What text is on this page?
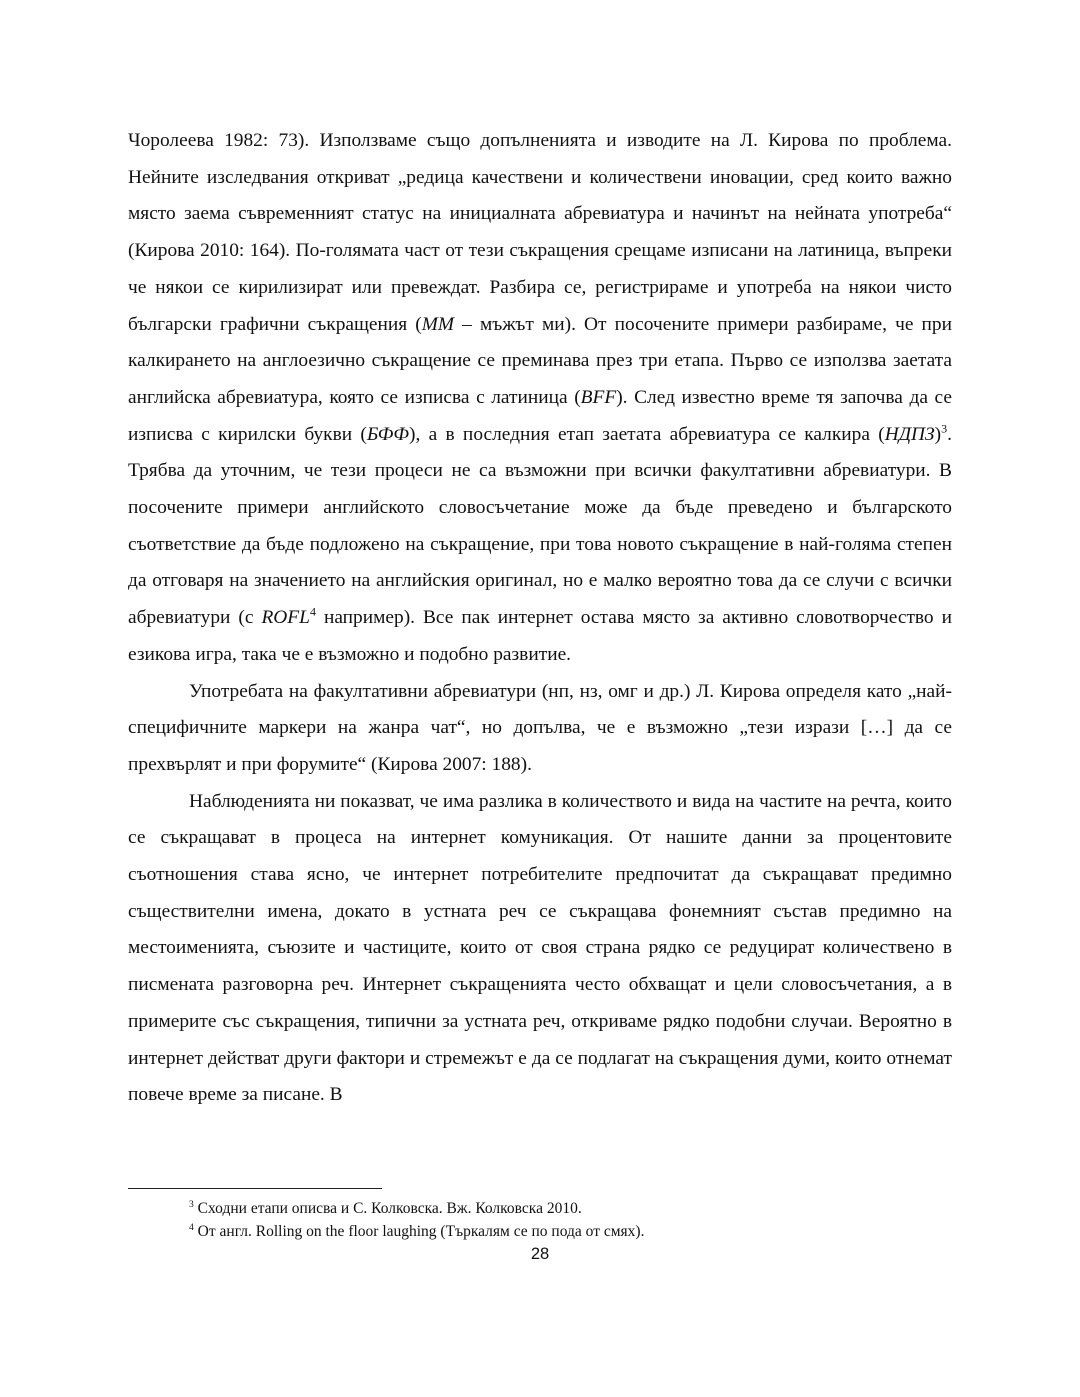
Чоролеева 1982: 73). Използваме също допълненията и изводите на Л. Кирова по проблема. Нейните изследвания откриват „редица качествени и количествени иновации, сред които важно място заема съвременният статус на инициалната абревиатура и начинът на нейната употреба“ (Кирова 2010: 164). По-голямата част от тези съкращения срещаме изписани на латиница, въпреки че някои се кирилизират или превеждат. Разбира се, регистрираме и употреба на някои чисто български графични съкращения (ММ – мъжът ми). От посочените примери разбираме, че при калкирането на англоезично съкращение се преминава през три етапа. Първо се използва заетата английска абревиатура, която се изписва с латиница (BFF). След известно време тя започва да се изписва с кирилски букви (БФФ), а в последния етап заетата абревиатура се калкира (НДПЗ)$^3$. Трябва да уточним, че тези процеси не са възможни при всички факултативни абревиатури. В посочените примери английското словосъчетание може да бъде преведено и българското съответствие да бъде подложено на съкращение, при това новото съкращение в най-голяма степен да отговаря на значението на английския оригинал, но е малко вероятно това да се случи с всички абревиатури (с ROFL$^4$ например). Все пак интернет остава място за активно словотворчество и езикова игра, така че е възможно и подобно развитие.

Употребата на факултативни абревиатури (нп, нз, омг и др.) Л. Кирова определя като „най-специфичните маркери на жанра чат“, но допълва, че е възможно „тези изрази […] да се прехвърлят и при форумите“ (Кирова 2007: 188).

Наблюденията ни показват, че има разлика в количеството и вида на частите на речта, които се съкращават в процеса на интернет комуникация. От нашите данни за процентовите съотношения става ясно, че интернет потребителите предпочитат да съкращават предимно съществителни имена, докато в устната реч се съкращава фонемният състав предимно на местоименията, съюзите и частиците, които от своя страна рядко се редуцират количествено в писмената разговорна реч. Интернет съкращенията често обхващат и цели словосъчетания, а в примерите със съкращения, типични за устната реч, откриваме рядко подобни случаи. Вероятно в интернет действат други фактори и стремежът е да се подлагат на съкращения думи, които отнемат повече време за писане. В

$^3$ Сходни етапи описва и С. Колковска. Вж. Колковска 2010.

$^4$ От англ. Rolling on the floor laughing (Търкалям се по пода от смях).

28
